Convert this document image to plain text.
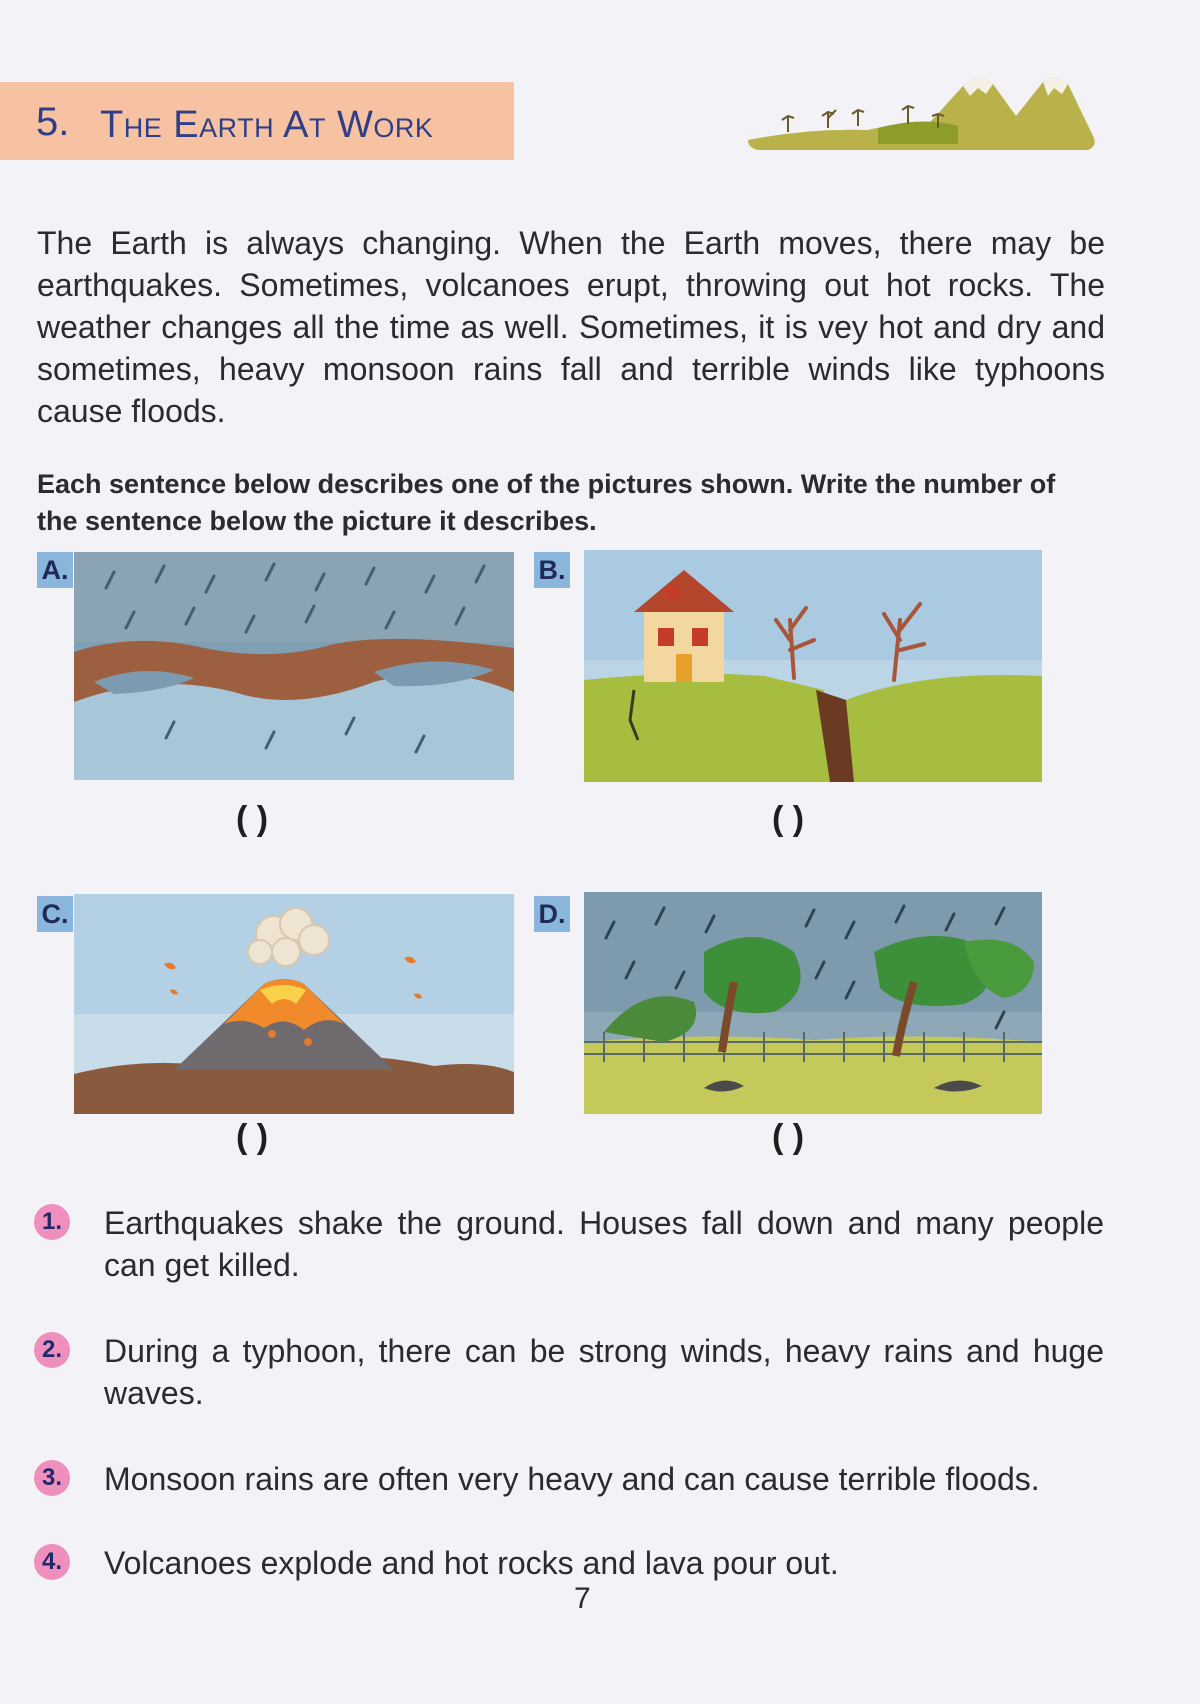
5. The Earth At Work

The Earth is always changing. When the Earth moves, there may be earthquakes. Sometimes, volcanoes erupt, throwing out hot rocks. The weather changes all the time as well. Sometimes, it is vey hot and dry and sometimes, heavy monsoon rains fall and terrible winds like typhoons cause floods.

Each sentence below describes one of the pictures shown. Write the number of the sentence below the picture it describes.

A.
( )
B.
( )
C.
( )
D.
( )
1. Earthquakes shake the ground. Houses fall down and many people can get killed.

2. During a typhoon, there can be strong winds, heavy rains and huge waves.

3. Monsoon rains are often very heavy and can cause terrible floods.

4. Volcanoes explode and hot rocks and lava pour out.

7
